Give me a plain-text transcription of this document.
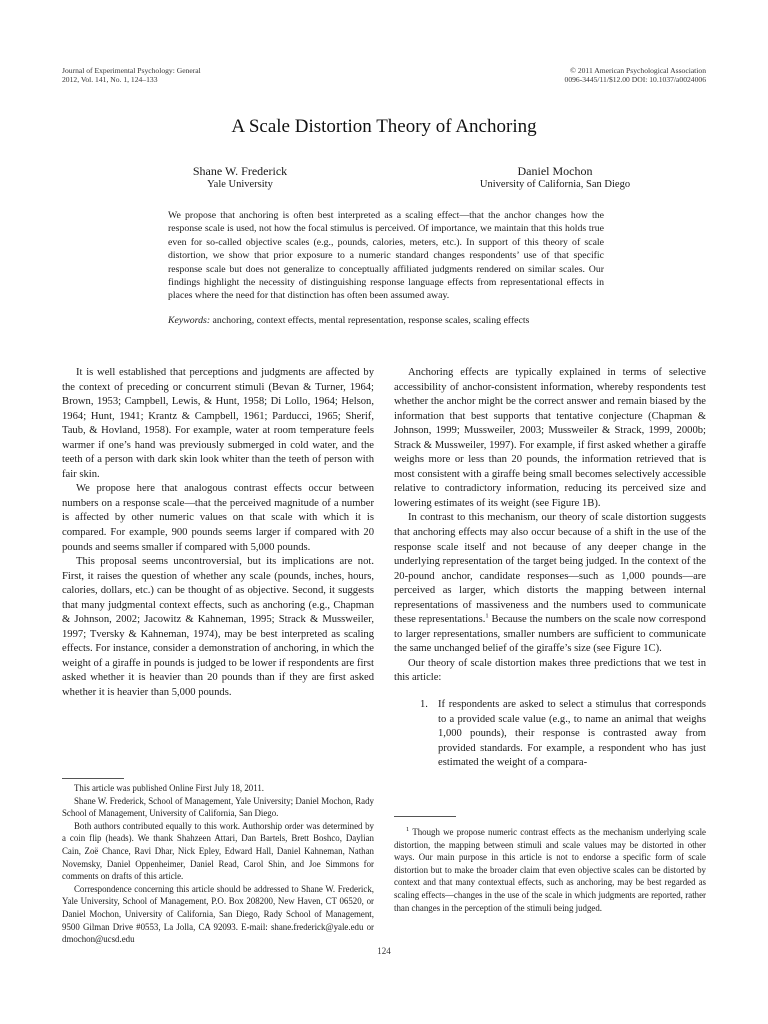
Journal of Experimental Psychology: General
2012, Vol. 141, No. 1, 124–133
© 2011 American Psychological Association
0096-3445/11/$12.00 DOI: 10.1037/a0024006
A Scale Distortion Theory of Anchoring
Shane W. Frederick
Yale University
Daniel Mochon
University of California, San Diego
We propose that anchoring is often best interpreted as a scaling effect—that the anchor changes how the response scale is used, not how the focal stimulus is perceived. Of importance, we maintain that this holds true even for so-called objective scales (e.g., pounds, calories, meters, etc.). In support of this theory of scale distortion, we show that prior exposure to a numeric standard changes respondents’ use of that specific response scale but does not generalize to conceptually affiliated judgments rendered on similar scales. Our findings highlight the necessity of distinguishing response language effects from representational effects in places where the need for that distinction has often been assumed away.
Keywords: anchoring, context effects, mental representation, response scales, scaling effects

It is well established that perceptions and judgments are affected by the context of preceding or concurrent stimuli (Bevan & Turner, 1964; Brown, 1953; Campbell, Lewis, & Hunt, 1958; Di Lollo, 1964; Helson, 1964; Hunt, 1941; Krantz & Campbell, 1961; Parducci, 1965; Sherif, Taub, & Hovland, 1958). For example, water at room temperature feels warmer if one’s hand was previously submerged in cold water, and the teeth of a person with dark skin look whiter than the teeth of person with fair skin.

We propose here that analogous contrast effects occur between numbers on a response scale—that the perceived magnitude of a number is affected by other numeric values on that scale with which it is compared. For example, 900 pounds seems larger if compared with 20 pounds and seems smaller if compared with 5,000 pounds.

This proposal seems uncontroversial, but its implications are not. First, it raises the question of whether any scale (pounds, inches, hours, calories, dollars, etc.) can be thought of as objective. Second, it suggests that many judgmental context effects, such as anchoring (e.g., Chapman & Johnson, 2002; Jacowitz & Kahneman, 1995; Strack & Mussweiler, 1997; Tversky & Kahneman, 1974), may be best interpreted as scaling effects. For instance, consider a demonstration of anchoring, in which the weight of a giraffe in pounds is judged to be lower if respondents are first asked whether it is heavier than 20 pounds than if they are first asked whether it is heavier than 5,000 pounds.

Anchoring effects are typically explained in terms of selective accessibility of anchor-consistent information, whereby respondents test whether the anchor might be the correct answer and remain biased by the information that best supports that tentative conjecture (Chapman & Johnson, 1999; Mussweiler, 2003; Mussweiler & Strack, 1999, 2000b; Strack & Mussweiler, 1997). For example, if first asked whether a giraffe weighs more or less than 20 pounds, the information retrieved that is most consistent with a giraffe being small becomes selectively accessible relative to contradictory information, reducing its perceived size and lowering estimates of its weight (see Figure 1B).

In contrast to this mechanism, our theory of scale distortion suggests that anchoring effects may also occur because of a shift in the use of the response scale itself and not because of any deeper change in the underlying representation of the target being judged. In the context of the 20-pound anchor, candidate responses—such as 1,000 pounds—are perceived as larger, which distorts the mapping between internal representations of massiveness and the numbers used to communicate these representations.$^1$ Because the numbers on the scale now correspond to larger representations, smaller numbers are sufficient to communicate the same unchanged belief of the giraffe’s size (see Figure 1C).

Our theory of scale distortion makes three predictions that we test in this article:

1. If respondents are asked to select a stimulus that corresponds to a provided scale value (e.g., to name an animal that weighs 1,000 pounds), their response is contrasted away from provided standards. For example, a respondent who has just estimated the weight of a compara-

This article was published Online First July 18, 2011.

Shane W. Frederick, School of Management, Yale University; Daniel Mochon, Rady School of Management, University of California, San Diego.

Both authors contributed equally to this work. Authorship order was determined by a coin flip (heads). We thank Shahzeen Attari, Dan Bartels, Brett Boshco, Daylian Cain, Zoë Chance, Ravi Dhar, Nick Epley, Edward Hall, Daniel Kahneman, Nathan Novemsky, Daniel Oppenheimer, Daniel Read, Carol Shin, and Joe Simmons for comments on drafts of this article.

Correspondence concerning this article should be addressed to Shane W. Frederick, Yale University, School of Management, P.O. Box 208200, New Haven, CT 06520, or Daniel Mochon, University of California, San Diego, Rady School of Management, 9500 Gilman Drive #0553, La Jolla, CA 92093. E-mail: shane.frederick@yale.edu or dmochon@ucsd.edu

$^1$ Though we propose numeric contrast effects as the mechanism underlying scale distortion, the mapping between stimuli and scale values may be distorted in other ways. Our main purpose in this article is not to endorse a specific form of scale distortion but to make the broader claim that even objective scales can be distorted by context and that many contextual effects, such as anchoring, may be best regarded as scaling effects—changes in the use of the scale in which judgments are reported, rather than changes in the perception of the stimuli being judged.

124
